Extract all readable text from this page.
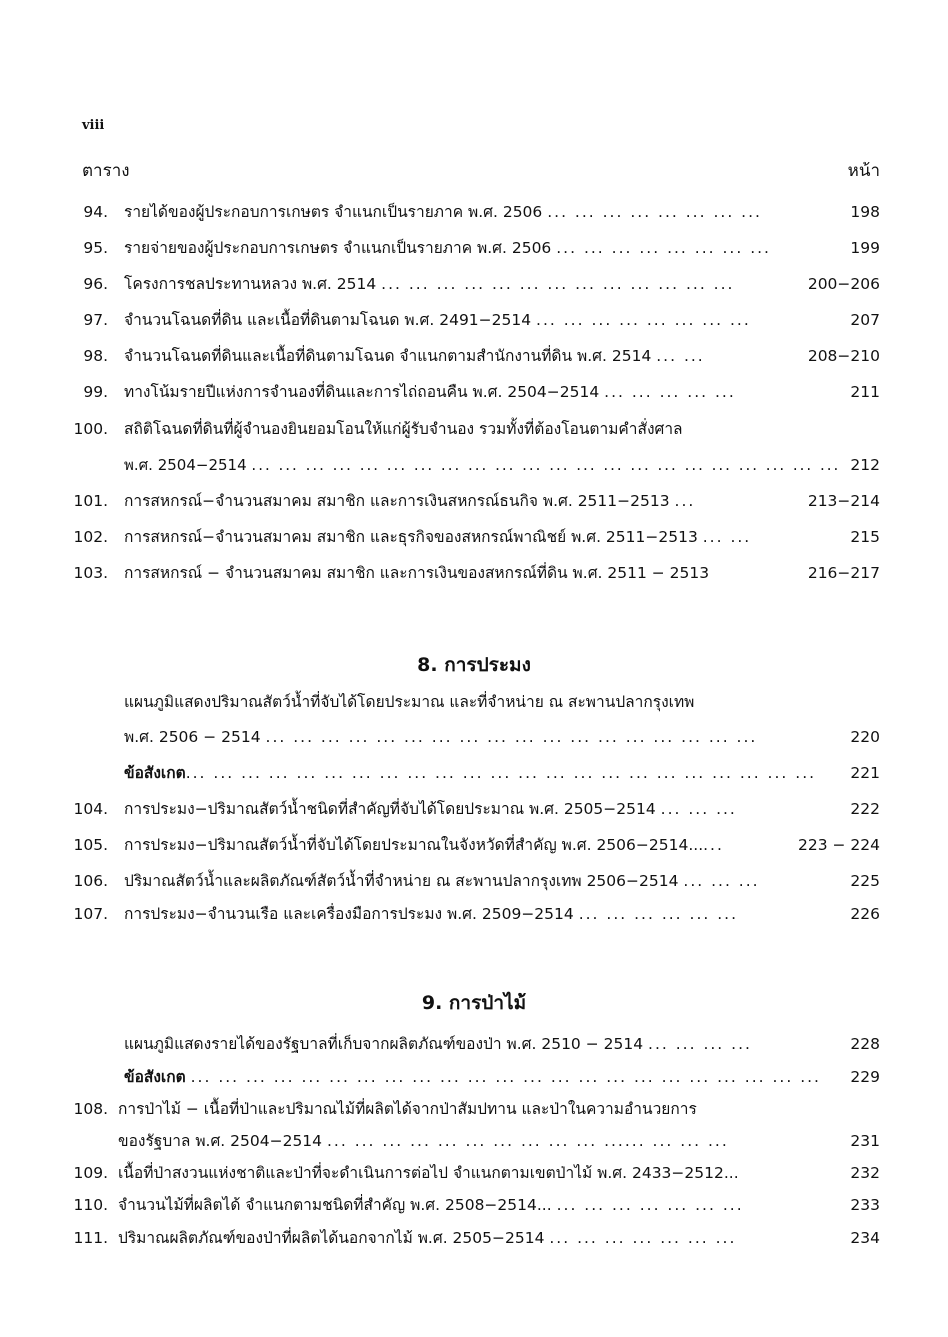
viii
ตาราง	หน้า
94. รายได้ของผู้ประกอบการเกษตร จำแนกเป็นรายภาค พ.ศ. 2506 ... ... ... ... ... ... ... ...	198
95. รายจ่ายของผู้ประกอบการเกษตร จำแนกเป็นรายภาค พ.ศ. 2506 ... ... ... ... ... ... ... ...	199
96. โครงการชลประทานหลวง พ.ศ. 2514 ... ... ... ... ... ... ... ... ... ... ... ... ...	200−206
97. จำนวนโฉนดที่ดิน และเนื้อที่ดินตามโฉนด พ.ศ. 2491−2514 ... ... ... ... ... ... ... ...	207
98. จำนวนโฉนดที่ดินและเนื้อที่ดินตามโฉนด จำแนกตามสำนักงานที่ดิน พ.ศ. 2514 ... ...	208−210
99. ทางโน้มรายปีแห่งการจำนองที่ดินและการไถ่ถอนคืน พ.ศ. 2504−2514 ... ... ... ... ...	211
100. สถิติโฉนดที่ดินที่ผู้จำนองยินยอมโอนให้แก่ผู้รับจำนอง รวมทั้งที่ต้องโอนตามคำสั่งศาล
พ.ศ. 2504−2514 ... ... ... ... ... ... ... ... ... ... ... ... ... ... ... ... ... ... ... ... ... ... 212
101. การสหกรณ์−จำนวนสมาคม สมาชิก และการเงินสหกรณ์ธนกิจ พ.ศ. 2511−2513 ...	213−214
102. การสหกรณ์−จำนวนสมาคม สมาชิก และธุรกิจของสหกรณ์พาณิชย์ พ.ศ. 2511−2513 ... ...	215
103. การสหกรณ์ − จำนวนสมาคม สมาชิก และการเงินของสหกรณ์ที่ดิน พ.ศ. 2511 − 2513	216−217
8. การประมง
แผนภูมิแสดงปริมาณสัตว์น้ำที่จับได้โดยประมาณ และที่จำหน่าย ณ สะพานปลากรุงเทพ
พ.ศ. 2506 − 2514 ... ... ... ... ... ... ... ... ... ... ... ... ... ... ... ... ... ...	220
ข้อสังเกต... ... ... ... ... ... ... ... ... ... ... ... ... ... ... ... ... ... ... ... ... ... ... 221
104. การประมง−ปริมาณสัตว์น้ำชนิดที่สำคัญที่จับได้โดยประมาณ พ.ศ. 2505−2514 ... ... ...	222
105. การประมง−ปริมาณสัตว์น้ำที่จับได้โดยประมาณในจังหวัดที่สำคัญ พ.ศ. 2506−2514......	223 − 224
106. ปริมาณสัตว์น้ำและผลิตภัณฑ์สัตว์น้ำที่จำหน่าย ณ สะพานปลากรุงเทพ 2506−2514 ... ... ...	225
107. การประมง−จำนวนเรือ และเครื่องมือการประมง พ.ศ. 2509−2514 ... ... ... ... ... ...	226
9. การป่าไม้
แผนภูมิแสดงรายได้ของรัฐบาลที่เก็บจากผลิตภัณฑ์ของป่า พ.ศ. 2510 − 2514 ... ... ... ...	228
ข้อสังเกต ... ... ... ... ... ... ... ... ... ... ... ... ... ... ... ... ... ... ... ... ... ... ... 229
108. การป่าไม้ − เนื้อที่ป่าและปริมาณไม้ที่ผลิตได้จากป่าสัมปทาน และป่าในความอำนวยการ
ของรัฐบาล พ.ศ. 2504−2514 ... ... ... ... ... ... ... ... ... ... ...... ... ... ...	231
109. เนื้อที่ป่าสงวนแห่งชาติและป่าที่จะดำเนินการต่อไป จำแนกตามเขตป่าไม้ พ.ศ. 2433−2512...	232
110. จำนวนไม้ที่ผลิตได้ จำแนกตามชนิดที่สำคัญ พ.ศ. 2508−2514... ... ... ... ... ... ... ...	233
111. ปริมาณผลิตภัณฑ์ของป่าที่ผลิตได้นอกจากไม้ พ.ศ. 2505−2514 ... ... ... ... ... ... ...	234
